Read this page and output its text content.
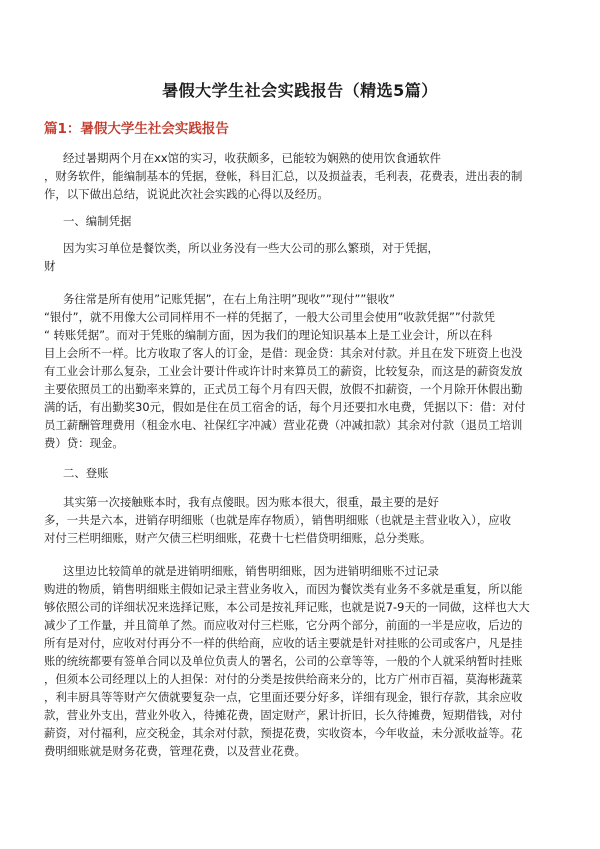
暑假大学生社会实践报告（精选5篇）
篇1：暑假大学生社会实践报告
经过暑期两个月在xx馆的实习，收获颇多，已能较为娴熟的使用饮食通软件
，财务软件，能编制基本的凭据，登帐，科目汇总，以及损益表，毛利表，花费表，进出表的制
作，以下做出总结，说说此次社会实践的心得以及经历。
一、编制凭据
因为实习单位是餐饮类，所以业务没有一些大公司的那么繁琐，对于凭据，
财
务往常是所有使用”记账凭据”，在右上角注明”现收””现付””银收”
“银付”，就不用像大公司同样用不一样的凭据了，一般大公司里会使用”收款凭据””付款凭
“ 转账凭据”。而对于凭账的编制方面，因为我们的理论知识基本上是工业会计，所以在科
目上会所不一样。比方收取了客人的订金，是借：现金贷：其余对付款。并且在发下班资上也没
有工业会计那么复杂，工业会计要计件或许计时来算员工的薪资，比较复杂，而这是的薪资发放
主要依照员工的出勤率来算的，正式员工每个月有四天假，放假不扣薪资，一个月除开休假出勤
满的话，有出勤奖30元，假如是住在员工宿舍的话，每个月还要扣水电费，凭据以下：借：对付
员工薪酬管理费用（租金水电、社保红字冲减）营业花费（冲减扣款）其余对付款（退员工培训
费）贷：现金。
二、登账
其实第一次接触账本时，我有点傻眼。因为账本很大，很重，最主要的是好
多，一共是六本，进销存明细账（也就是库存物质），销售明细账（也就是主营业收入），应收
对付三栏明细账，财产欠债三栏明细账，花费十七栏借贷明细账，总分类账。
这里边比较简单的就是进销明细账，销售明细账，因为进销明细账不过记录
购进的物质，销售明细账主假如记录主营业务收入，而因为餐饮类有业务不多就是重复，所以能
够依照公司的详细状况来选择记账，本公司是按礼拜记账，也就是说7-9天的一同做，这样也大大
减少了工作量，并且简单了然。而应收对付三栏账，它分两个部分，前面的一半是应收，后边的
所有是对付，应收对付再分不一样的供给商，应收的话主要就是针对挂账的公司或客户，凡是挂
账的统统都要有签单合同以及单位负责人的署名，公司的公章等等，一般的个人就采纳暂时挂账
，但须本公司经理以上的人担保：对付的分类是按供给商来分的，比方广州市百福，莫海彬蔬菜
，利丰厨具等等财产欠债就要复杂一点，它里面还要分好多，详细有现金，银行存款，其余应收
款，营业外支出，营业外收入，待摊花费，固定财产，累计折旧，长久待摊费，短期借钱，对付
薪资，对付福利，应交税金，其余对付款，预提花费，实收资本，今年收益，未分派收益等。花
费明细账就是财务花费，管理花费，以及营业花费。
